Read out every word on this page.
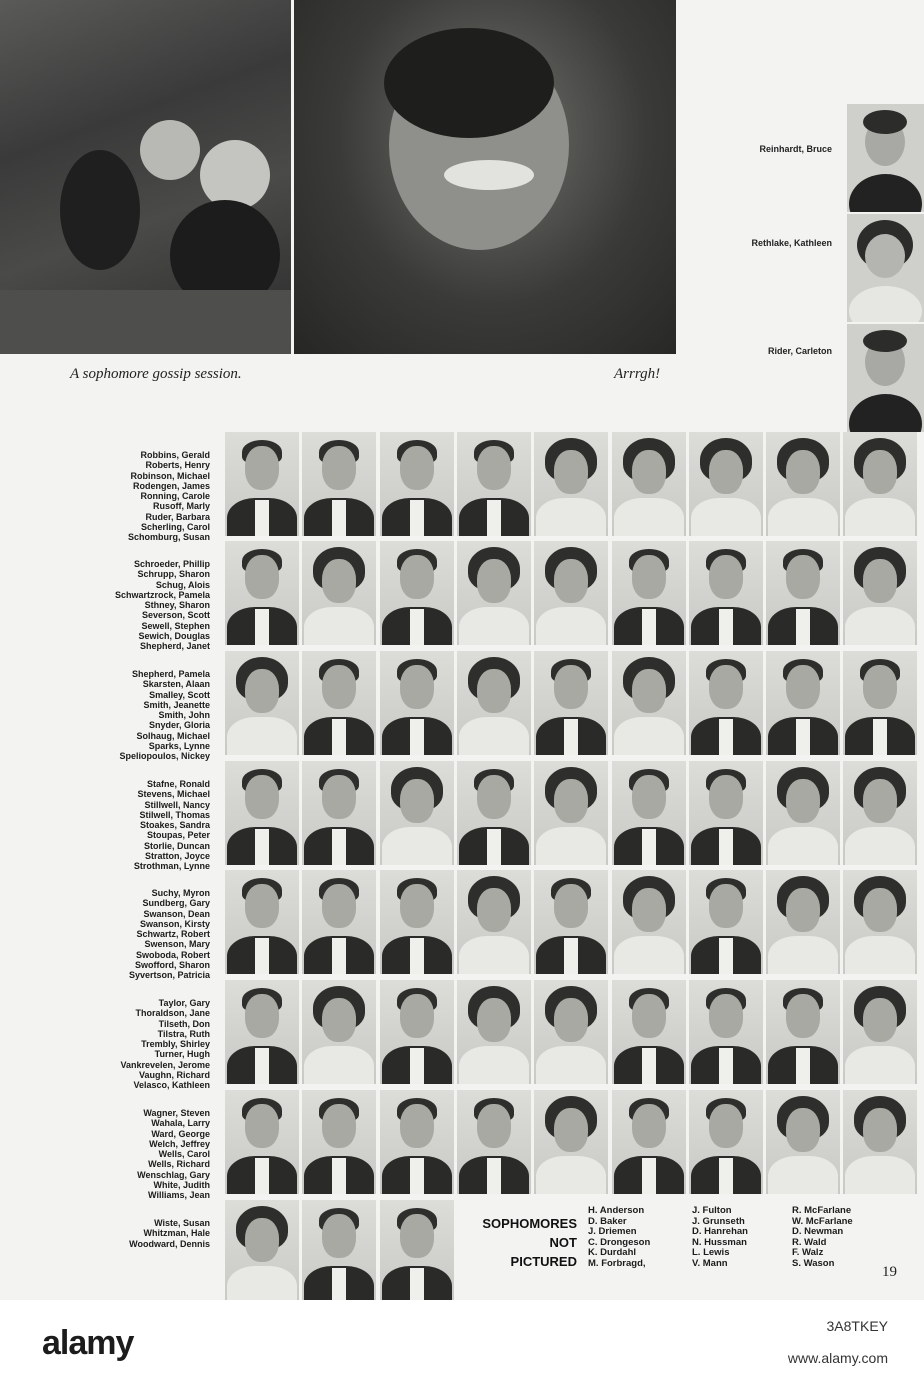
A sophomore gossip session.	Arrrgh!
Reinhardt, Bruce
Rethlake, Kathleen
Rider, Carleton
Robbins, Gerald
Roberts, Henry
Robinson, Michael
Rodengen, James
Ronning, Carole
Rusoff, Marly
Ruder, Barbara
Scherling, Carol
Schomburg, Susan
Schroeder, Phillip
Schrupp, Sharon
Schug, Alois
Schwartzrock, Pamela
Sthney, Sharon
Severson, Scott
Sewell, Stephen
Sewich, Douglas
Shepherd, Janet
Shepherd, Pamela
Skarsten, Alaan
Smalley, Scott
Smith, Jeanette
Smith, John
Snyder, Gloria
Solhaug, Michael
Sparks, Lynne
Speliopoulos, Nickey
Stafne, Ronald
Stevens, Michael
Stillwell, Nancy
Stilwell, Thomas
Stoakes, Sandra
Stoupas, Peter
Storlie, Duncan
Stratton, Joyce
Strothman, Lynne
Suchy, Myron
Sundberg, Gary
Swanson, Dean
Swanson, Kirsty
Schwartz, Robert
Swenson, Mary
Swoboda, Robert
Swofford, Sharon
Syvertson, Patricia
Taylor, Gary
Thoraldson, Jane
Tilseth, Don
Tilstra, Ruth
Trembly, Shirley
Turner, Hugh
Vankrevelen, Jerome
Vaughn, Richard
Velasco, Kathleen
Wagner, Steven
Wahala, Larry
Ward, George
Welch, Jeffrey
Wells, Carol
Wells, Richard
Wenschlag, Gary
White, Judith
Williams, Jean
Wiste, Susan
Whitzman, Hale
Woodward, Dennis
SOPHOMORES
NOT
PICTURED
H. Anderson
D. Baker
J. Driemen
C. Drongeson
K. Durdahl
M. Forbragd,
J. Fulton
J. Grunseth
D. Hanrehan
N. Hussman
L. Lewis
V. Mann
R. McFarlane
W. McFarlane
D. Newman
R. Wald
F. Walz
S. Wason
19
alamy	3A8TKEY
www.alamy.com
